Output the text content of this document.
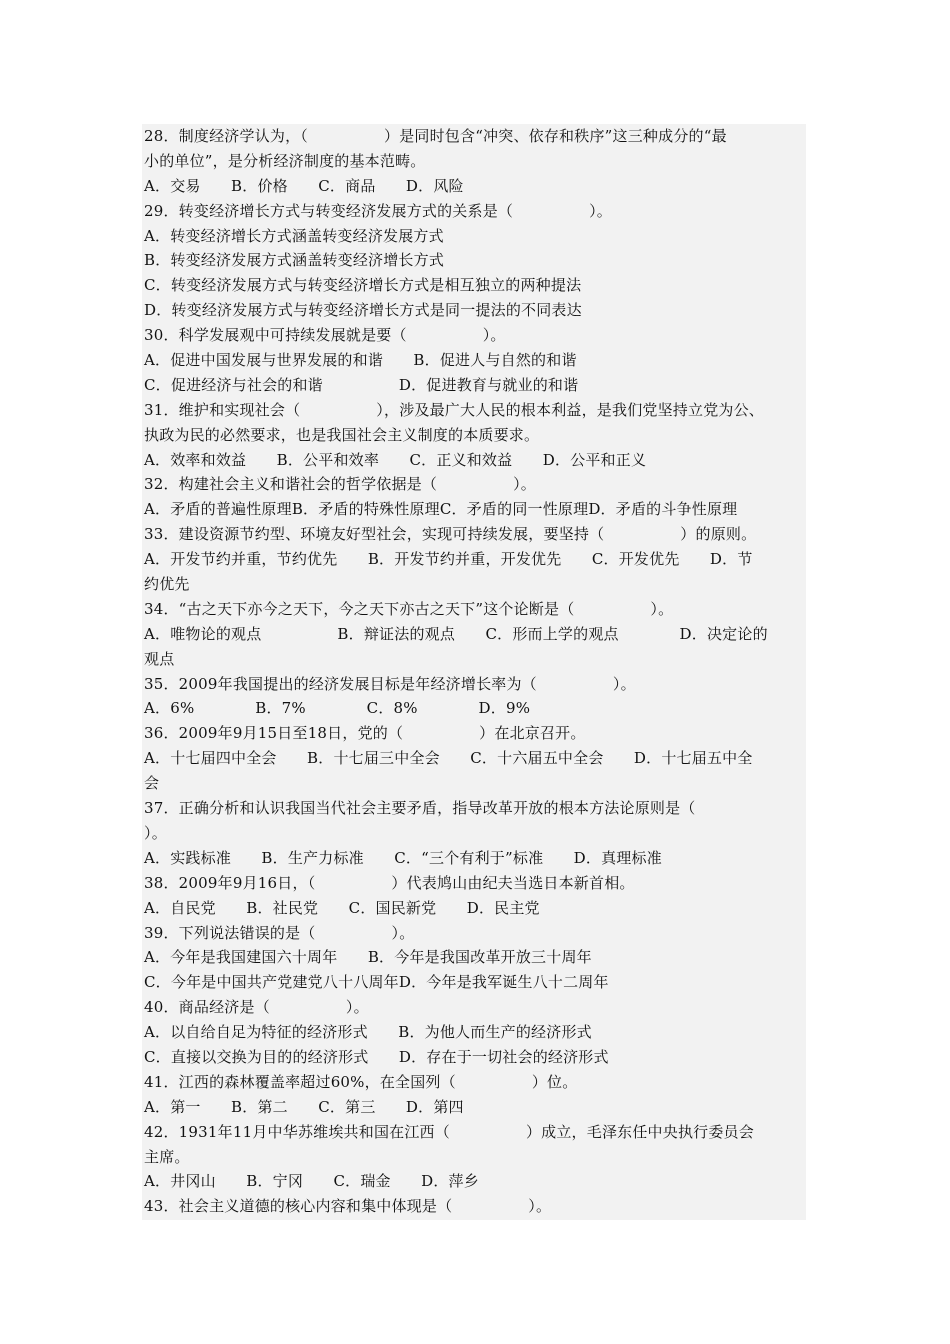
28．制度经济学认为，（　　　　　）是同时包含“冲突、依存和秩序”这三种成分的“最
小的单位”，是分析经济制度的基本范畴。
A．交易　　B．价格　　C．商品　　D．风险
29．转变经济增长方式与转变经济发展方式的关系是（　　　　　）。
A．转变经济增长方式涵盖转变经济发展方式
B．转变经济发展方式涵盖转变经济增长方式
C．转变经济发展方式与转变经济增长方式是相互独立的两种提法
D．转变经济发展方式与转变经济增长方式是同一提法的不同表达
30．科学发展观中可持续发展就是要（　　　　　）。
A．促进中国发展与世界发展的和谐　　B．促进人与自然的和谐
C．促进经济与社会的和谐　　　　　D．促进教育与就业的和谐
31．维护和实现社会（　　　　　），涉及最广大人民的根本利益，是我们党坚持立党为公、
执政为民的必然要求，也是我国社会主义制度的本质要求。
A．效率和效益　　B．公平和效率　　C．正义和效益　　D．公平和正义
32．构建社会主义和谐社会的哲学依据是（　　　　　）。
A．矛盾的普遍性原理B．矛盾的特殊性原理C．矛盾的同一性原理D．矛盾的斗争性原理
33．建设资源节约型、环境友好型社会，实现可持续发展，要坚持（　　　　　）的原则。
A．开发节约并重，节约优先　　B．开发节约并重，开发优先　　C．开发优先　　D．节
约优先
34．“古之天下亦今之天下，今之天下亦古之天下”这个论断是（　　　　　）。
A．唯物论的观点　　　　　B．辩证法的观点　　C．形而上学的观点　　　　D．决定论的
观点
35．2009年我国提出的经济发展目标是年经济增长率为（　　　　　）。
A．6%　　　　B．7%　　　　C．8%　　　　D．9%
36．2009年9月15日至18日，党的（　　　　　）在北京召开。
A．十七届四中全会　　B．十七届三中全会　　C．十六届五中全会　　D．十七届五中全
会
37．正确分析和认识我国当代社会主要矛盾，指导改革开放的根本方法论原则是（
）。
A．实践标准　　B．生产力标准　　C．“三个有利于”标准　　D．真理标准
38．2009年9月16日，（　　　　　）代表鸠山由纪夫当选日本新首相。
A．自民党　　B．社民党　　C．国民新党　　D．民主党
39．下列说法错误的是（　　　　　）。
A．今年是我国建国六十周年　　B．今年是我国改革开放三十周年
C．今年是中国共产党建党八十八周年D．今年是我军诞生八十二周年
40．商品经济是（　　　　　）。
A．以自给自足为特征的经济形式　　B．为他人而生产的经济形式
C．直接以交换为目的的经济形式　　D．存在于一切社会的经济形式
41．江西的森林覆盖率超过60%，在全国列（　　　　　）位。
A．第一　　B．第二　　C．第三　　D．第四
42．1931年11月中华苏维埃共和国在江西（　　　　　）成立，毛泽东任中央执行委员会
主席。
A．井冈山　　B．宁冈　　C．瑞金　　D．萍乡
43．社会主义道德的核心内容和集中体现是（　　　　　）。
